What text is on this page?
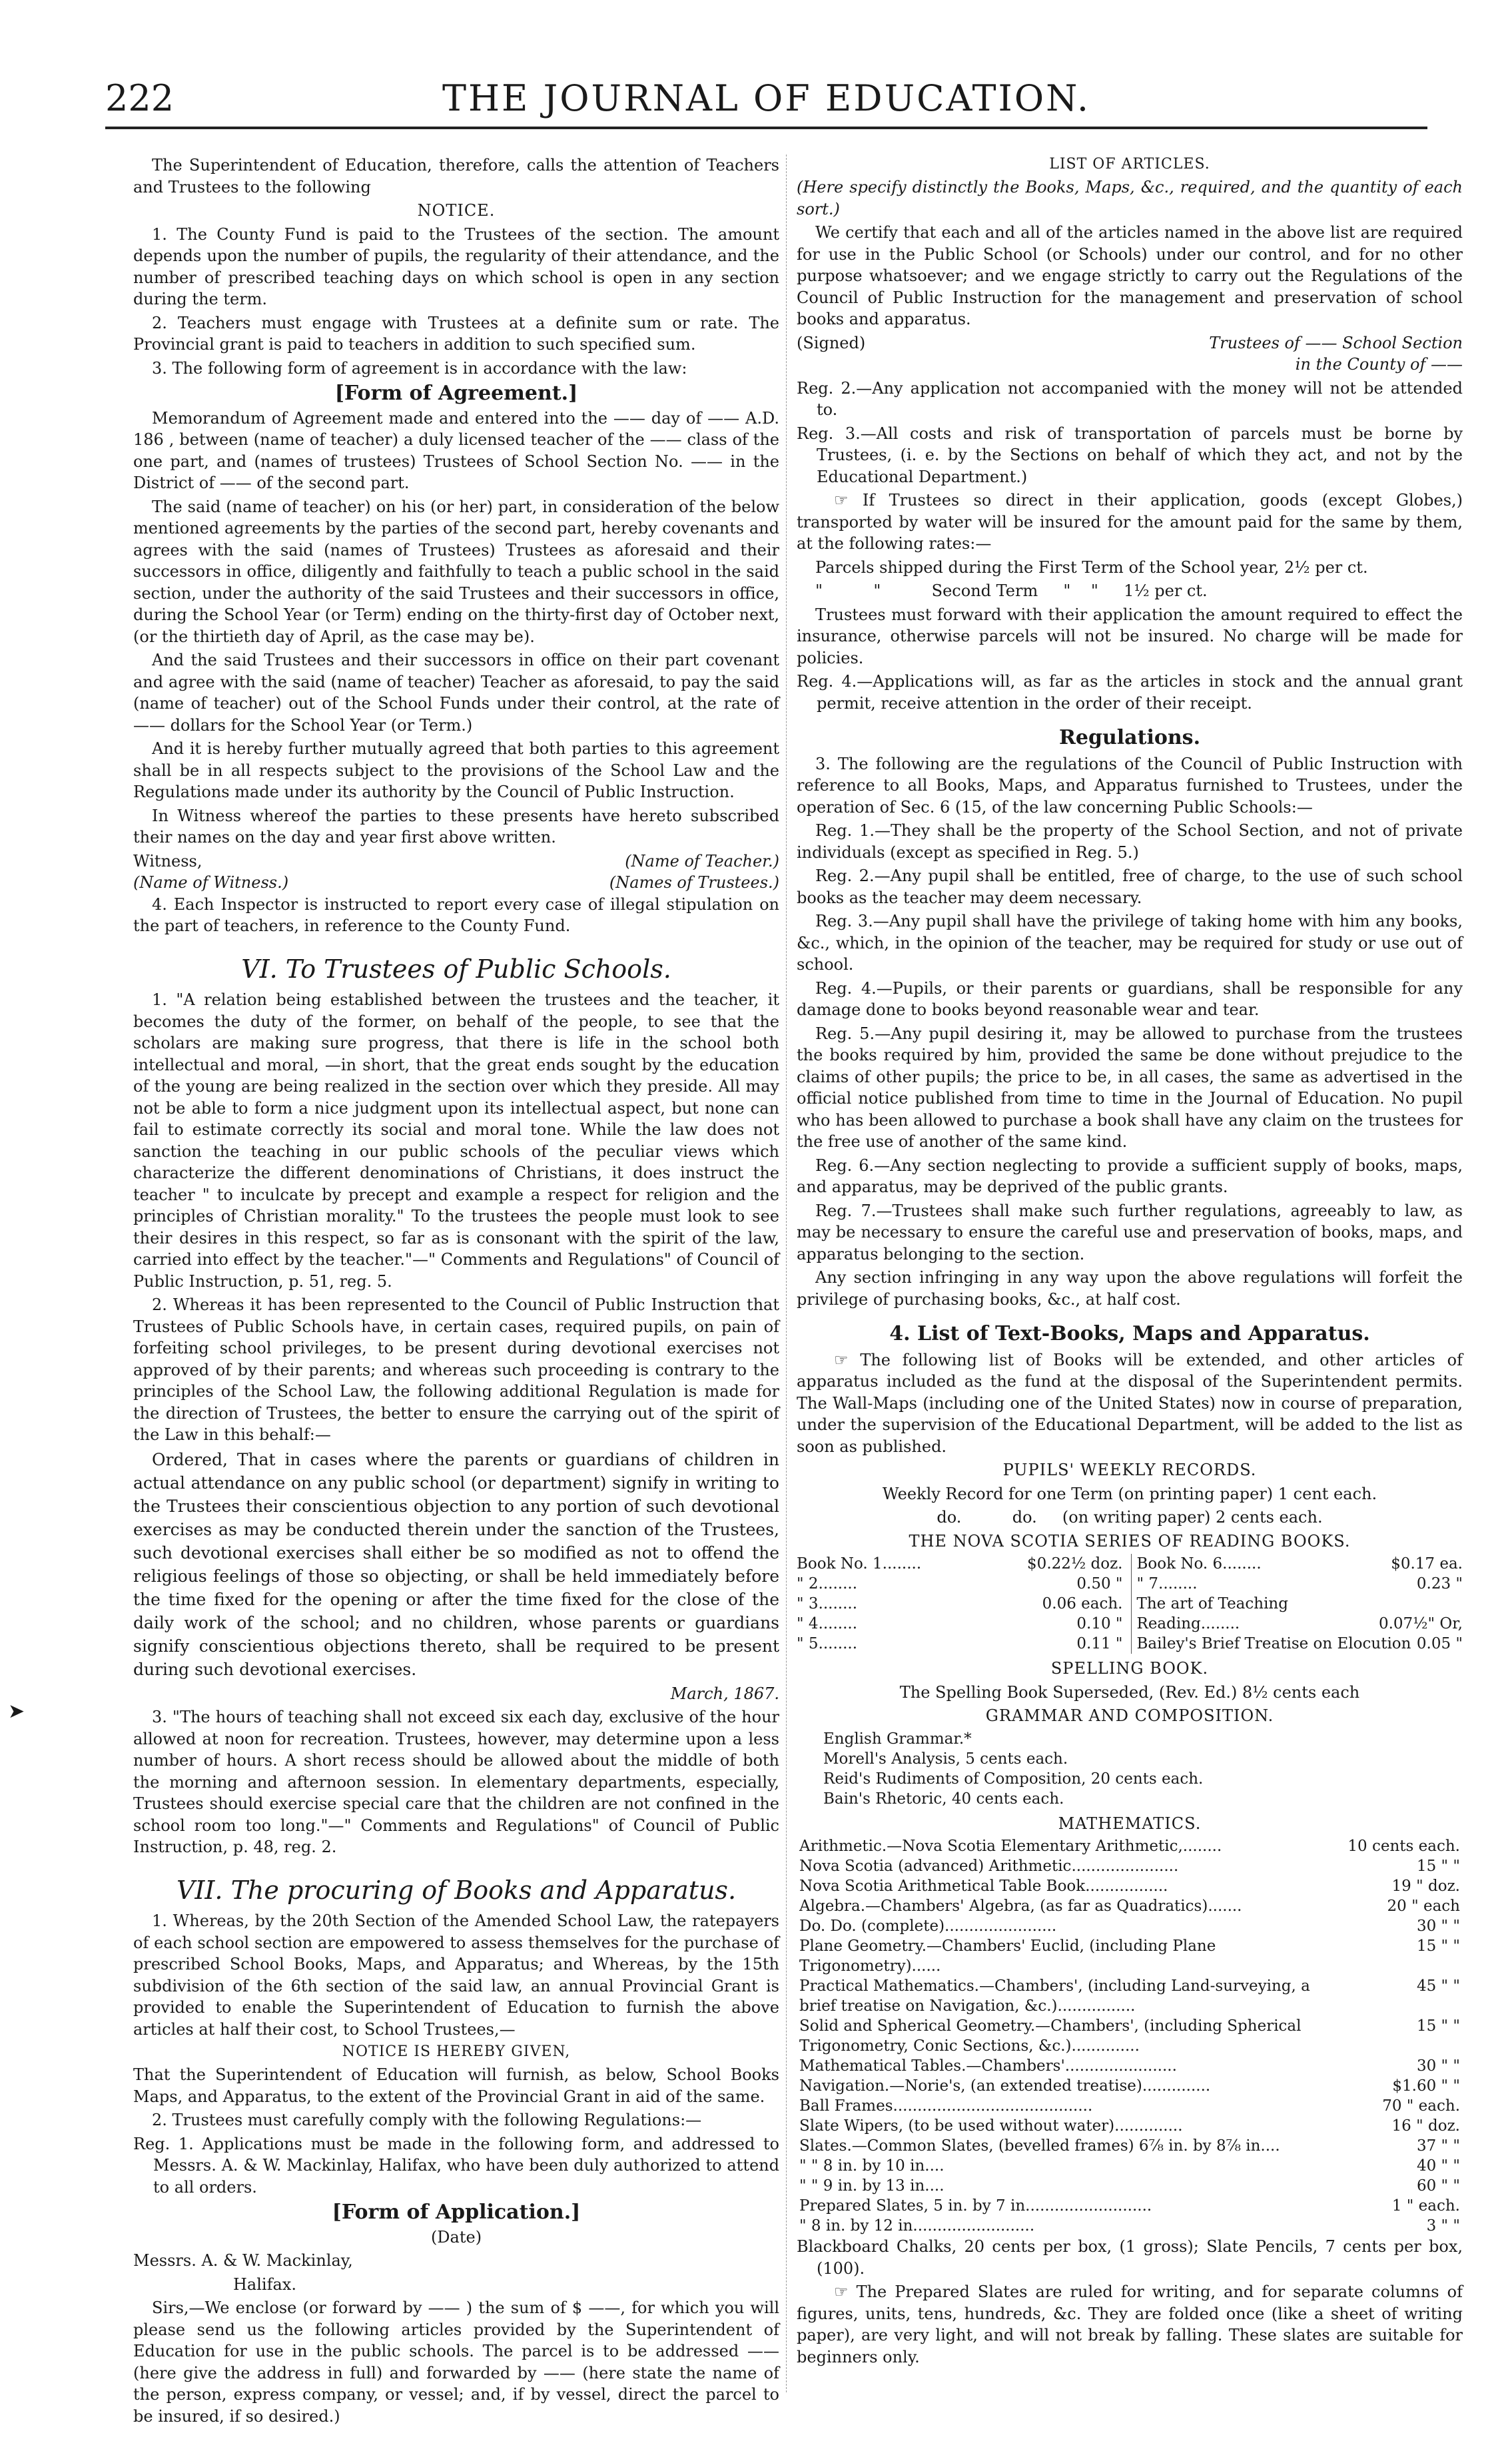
222	THE JOURNAL OF EDUCATION.
➤

The Superintendent of Education, therefore, calls the attention of Teachers and Trustees to the following

NOTICE.

1. The County Fund is paid to the Trustees of the section. The amount depends upon the number of pupils, the regularity of their attendance, and the number of prescribed teaching days on which school is open in any section during the term.

2. Teachers must engage with Trustees at a definite sum or rate. The Provincial grant is paid to teachers in addition to such specified sum.

3. The following form of agreement is in accordance with the law:

[Form of Agreement.]

Memorandum of Agreement made and entered into the —— day of —— A.D. 186 , between (name of teacher) a duly licensed teacher of the —— class of the one part, and (names of trustees) Trustees of School Section No. —— in the District of —— of the second part.

The said (name of teacher) on his (or her) part, in consideration of the below mentioned agreements by the parties of the second part, hereby covenants and agrees with the said (names of Trustees) Trustees as aforesaid and their successors in office, diligently and faithfully to teach a public school in the said section, under the authority of the said Trustees and their successors in office, during the School Year (or Term) ending on the thirty-first day of October next, (or the thirtieth day of April, as the case may be).

And the said Trustees and their successors in office on their part covenant and agree with the said (name of teacher) Teacher as aforesaid, to pay the said (name of teacher) out of the School Funds under their control, at the rate of —— dollars for the School Year (or Term.)

And it is hereby further mutually agreed that both parties to this agreement shall be in all respects subject to the provisions of the School Law and the Regulations made under its authority by the Council of Public Instruction.

In Witness whereof the parties to these presents have hereto subscribed their names on the day and year first above written.

Witness,	(Name of Teacher.)
(Name of Witness.)	(Names of Trustees.)

4. Each Inspector is instructed to report every case of illegal stipulation on the part of teachers, in reference to the County Fund.

VI. To Trustees of Public Schools.

1. "A relation being established between the trustees and the teacher, it becomes the duty of the former, on behalf of the people, to see that the scholars are making sure progress, that there is life in the school both intellectual and moral, —in short, that the great ends sought by the education of the young are being realized in the section over which they preside. All may not be able to form a nice judgment upon its intellectual aspect, but none can fail to estimate correctly its social and moral tone. While the law does not sanction the teaching in our public schools of the peculiar views which characterize the different denominations of Christians, it does instruct the teacher " to inculcate by precept and example a respect for religion and the principles of Christian morality." To the trustees the people must look to see their desires in this respect, so far as is consonant with the spirit of the law, carried into effect by the teacher."—" Comments and Regulations" of Council of Public Instruction, p. 51, reg. 5.

2. Whereas it has been represented to the Council of Public Instruction that Trustees of Public Schools have, in certain cases, required pupils, on pain of forfeiting school privileges, to be present during devotional exercises not approved of by their parents; and whereas such proceeding is contrary to the principles of the School Law, the following additional Regulation is made for the direction of Trustees, the better to ensure the carrying out of the spirit of the Law in this behalf:—

Ordered, That in cases where the parents or guardians of children in actual attendance on any public school (or department) signify in writing to the Trustees their conscientious objection to any portion of such devotional exercises as may be conducted therein under the sanction of the Trustees, such devotional exercises shall either be so modified as not to offend the religious feelings of those so objecting, or shall be held immediately before the time fixed for the opening or after the time fixed for the close of the daily work of the school; and no children, whose parents or guardians signify conscientious objections thereto, shall be required to be present during such devotional exercises.

March, 1867.

3. "The hours of teaching shall not exceed six each day, exclusive of the hour allowed at noon for recreation. Trustees, however, may determine upon a less number of hours. A short recess should be allowed about the middle of both the morning and afternoon session. In elementary departments, especially, Trustees should exercise special care that the children are not confined in the school room too long."—" Comments and Regulations" of Council of Public Instruction, p. 48, reg. 2.

VII. The procuring of Books and Apparatus.

1. Whereas, by the 20th Section of the Amended School Law, the ratepayers of each school section are empowered to assess themselves for the purchase of prescribed School Books, Maps, and Apparatus; and Whereas, by the 15th subdivision of the 6th section of the said law, an annual Provincial Grant is provided to enable the Superintendent of Education to furnish the above articles at half their cost, to School Trustees,—

NOTICE IS HEREBY GIVEN,

That the Superintendent of Education will furnish, as below, School Books Maps, and Apparatus, to the extent of the Provincial Grant in aid of the same.

2. Trustees must carefully comply with the following Regulations:—

Reg. 1. Applications must be made in the following form, and addressed to Messrs. A. & W. Mackinlay, Halifax, who have been duly authorized to attend to all orders.

[Form of Application.]

(Date)

Messrs. A. & W. Mackinlay,

Halifax.

Sirs,—We enclose (or forward by —— ) the sum of $ ——, for which you will please send us the following articles provided by the Superintendent of Education for use in the public schools. The parcel is to be addressed —— (here give the address in full) and forwarded by —— (here state the name of the person, express company, or vessel; and, if by vessel, direct the parcel to be insured, if so desired.)

LIST OF ARTICLES.

(Here specify distinctly the Books, Maps, &c., required, and the quantity of each sort.)

We certify that each and all of the articles named in the above list are required for use in the Public School (or Schools) under our control, and for no other purpose whatsoever; and we engage strictly to carry out the Regulations of the Council of Public Instruction for the management and preservation of school books and apparatus.

(Signed)	Trustees of —— School Section

in the County of ——

Reg. 2.—Any application not accompanied with the money will not be attended to.

Reg. 3.—All costs and risk of transportation of parcels must be borne by Trustees, (i. e. by the Sections on behalf of which they act, and not by the Educational Department.)

☞ If Trustees so direct in their application, goods (except Globes,) transported by water will be insured for the amount paid for the same by them, at the following rates:—

Parcels shipped during the First Term of the School year, 2½ per ct.

"          "          Second Term     "    "     1½ per ct.

Trustees must forward with their application the amount required to effect the insurance, otherwise parcels will not be insured. No charge will be made for policies.

Reg. 4.—Applications will, as far as the articles in stock and the annual grant permit, receive attention in the order of their receipt.

Regulations.

3. The following are the regulations of the Council of Public Instruction with reference to all Books, Maps, and Apparatus furnished to Trustees, under the operation of Sec. 6 (15, of the law concerning Public Schools:—

Reg. 1.—They shall be the property of the School Section, and not of private individuals (except as specified in Reg. 5.)

Reg. 2.—Any pupil shall be entitled, free of charge, to the use of such school books as the teacher may deem necessary.

Reg. 3.—Any pupil shall have the privilege of taking home with him any books, &c., which, in the opinion of the teacher, may be required for study or use out of school.

Reg. 4.—Pupils, or their parents or guardians, shall be responsible for any damage done to books beyond reasonable wear and tear.

Reg. 5.—Any pupil desiring it, may be allowed to purchase from the trustees the books required by him, provided the same be done without prejudice to the claims of other pupils; the price to be, in all cases, the same as advertised in the official notice published from time to time in the Journal of Education. No pupil who has been allowed to purchase a book shall have any claim on the trustees for the free use of another of the same kind.

Reg. 6.—Any section neglecting to provide a sufficient supply of books, maps, and apparatus, may be deprived of the public grants.

Reg. 7.—Trustees shall make such further regulations, agreeably to law, as may be necessary to ensure the careful use and preservation of books, maps, and apparatus belonging to the section.

Any section infringing in any way upon the above regulations will forfeit the privilege of purchasing books, &c., at half cost.

4. List of Text-Books, Maps and Apparatus.

☞ The following list of Books will be extended, and other articles of apparatus included as the fund at the disposal of the Superintendent permits. The Wall-Maps (including one of the United States) now in course of preparation, under the supervision of the Educational Department, will be added to the list as soon as published.

PUPILS' WEEKLY RECORDS.

Weekly Record for one Term (on printing paper) 1 cent each.

do.          do.     (on writing paper) 2 cents each.

THE NOVA SCOTIA SERIES OF READING BOOKS.

Book No. 1........	$0.22½ doz.
" 2........	0.50 "
" 3........	0.06 each.
" 4........	0.10 "
" 5........	0.11 "
Book No. 6........	$0.17 ea.
" 7........	0.23 "
The art of Teaching
Reading........	0.07½" Or,
Bailey's Brief Treatise on Elocution 0.05 "

SPELLING BOOK.

The Spelling Book Superseded, (Rev. Ed.) 8½ cents each

GRAMMAR AND COMPOSITION.

English Grammar.*
Morell's Analysis, 5 cents each.
Reid's Rudiments of Composition, 20 cents each.
Bain's Rhetoric, 40 cents each.

MATHEMATICS.

Arithmetic.—Nova Scotia Elementary Arithmetic,........	10 cents each.
Nova Scotia (advanced) Arithmetic......................	15 " "
Nova Scotia Arithmetical Table Book.................	19 " doz.
Algebra.—Chambers' Algebra, (as far as Quadratics).......	20 " each
Do. Do. (complete).......................	30 " "
Plane Geometry.—Chambers' Euclid, (including Plane Trigonometry)......	15 " "
Practical Mathematics.—Chambers', (including Land-surveying, a brief treatise on Navigation, &c.)................	45 " "
Solid and Spherical Geometry.—Chambers', (including Spherical Trigonometry, Conic Sections, &c.)..............	15 " "
Mathematical Tables.—Chambers'.......................	30 " "
Navigation.—Norie's, (an extended treatise)..............	$1.60 " "
Ball Frames.........................................	70 " each.
Slate Wipers, (to be used without water)..............	16 " doz.
Slates.—Common Slates, (bevelled frames) 6⅞ in. by 8⅞ in....	37 " "
" " 8 in. by 10 in....	40 " "
" " 9 in. by 13 in....	60 " "
Prepared Slates, 5 in. by 7 in..........................	1 " each.
" 8 in. by 12 in.........................	3 " "

Blackboard Chalks, 20 cents per box, (1 gross); Slate Pencils, 7 cents per box, (100).

☞ The Prepared Slates are ruled for writing, and for separate columns of figures, units, tens, hundreds, &c. They are folded once (like a sheet of writing paper), are very light, and will not break by falling. These slates are suitable for beginners only.
